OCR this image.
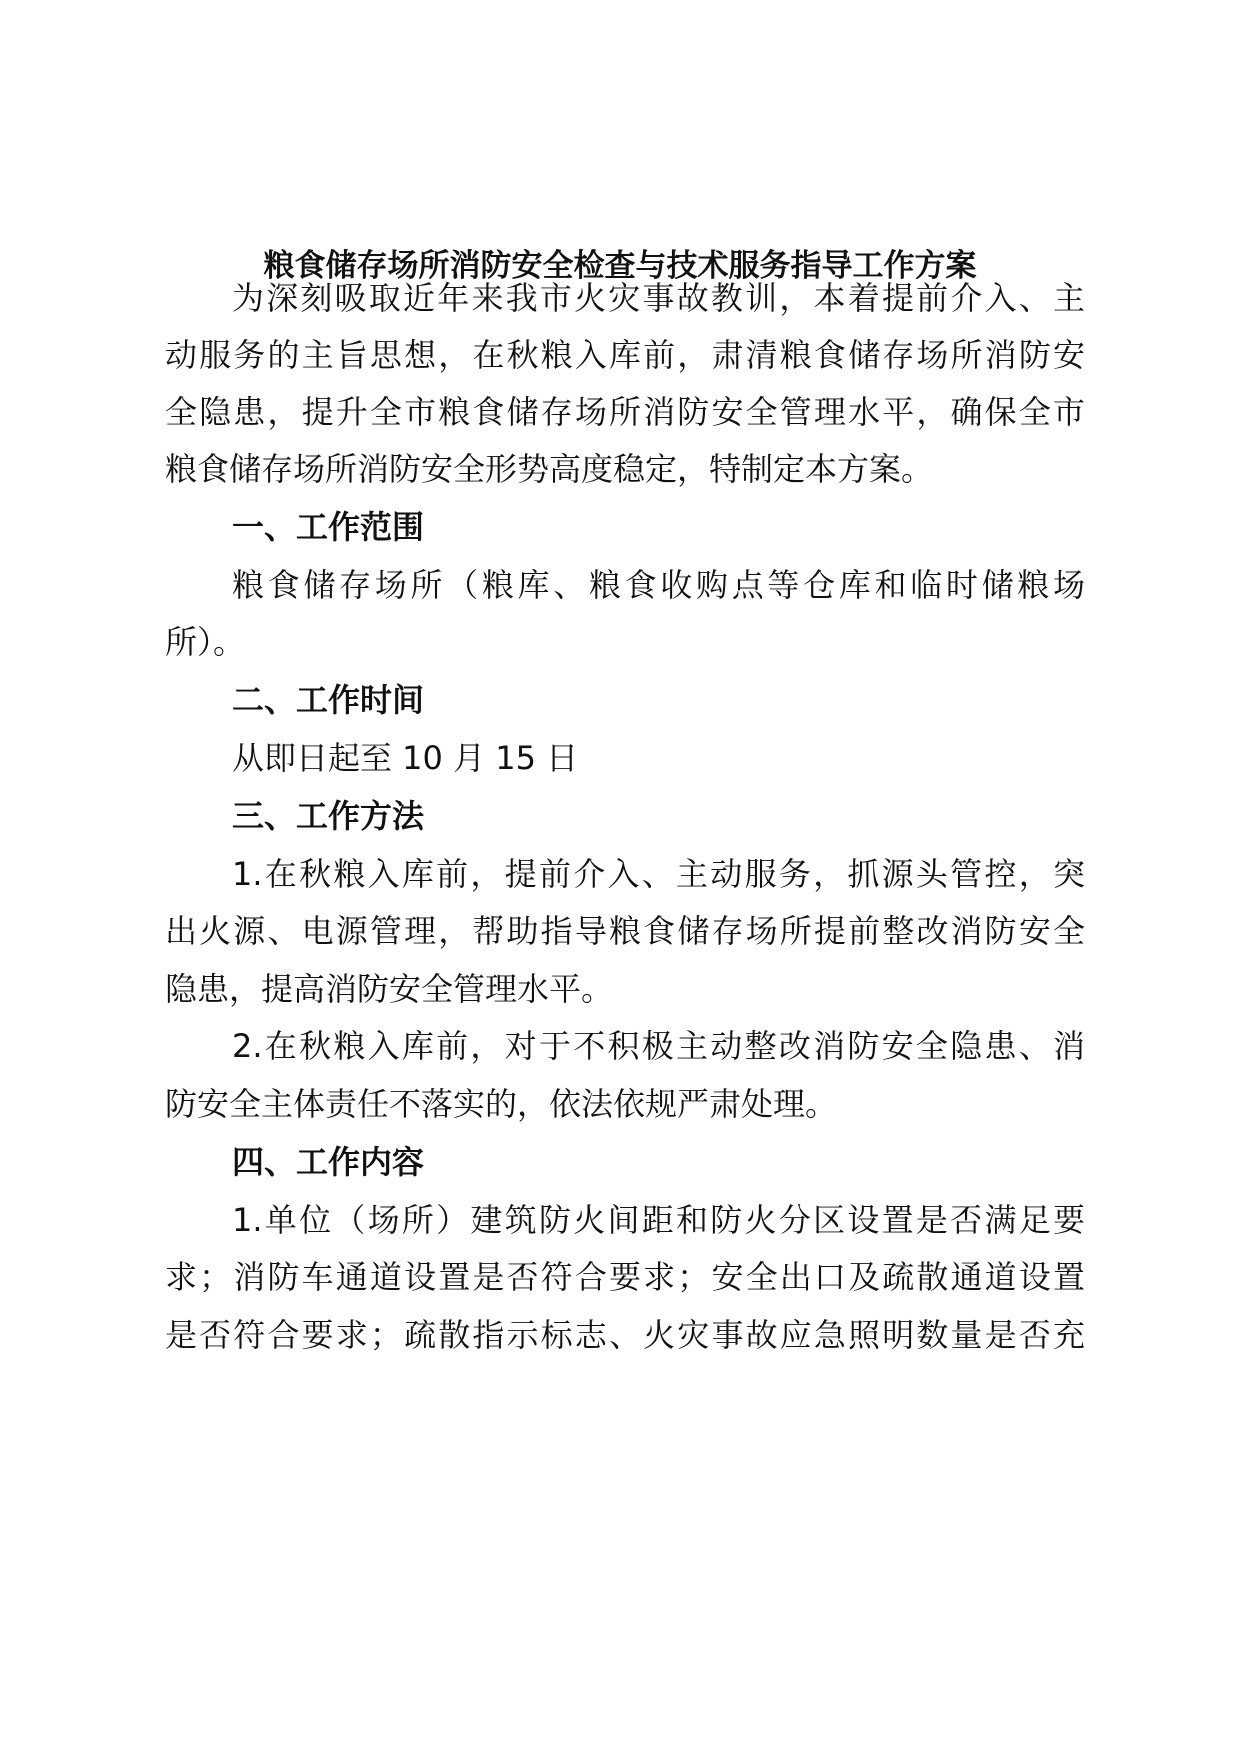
粮食储存场所消防安全检查与技术服务指导工作方案

为深刻吸取近年来我市火灾事故教训，本着提前介入、主

动服务的主旨思想，在秋粮入库前，肃清粮食储存场所消防安

全隐患，提升全市粮食储存场所消防安全管理水平，确保全市

粮食储存场所消防安全形势高度稳定，特制定本方案。

一、工作范围

粮食储存场所（粮库、粮食收购点等仓库和临时储粮场

所）。

二、工作时间

从即日起至 10 月 15 日

三、工作方法

1.在秋粮入库前，提前介入、主动服务，抓源头管控，突

出火源、电源管理，帮助指导粮食储存场所提前整改消防安全

隐患，提高消防安全管理水平。

2.在秋粮入库前，对于不积极主动整改消防安全隐患、消

防安全主体责任不落实的，依法依规严肃处理。

四、工作内容

1.单位（场所）建筑防火间距和防火分区设置是否满足要

求；消防车通道设置是否符合要求；安全出口及疏散通道设置

是否符合要求；疏散指示标志、火灾事故应急照明数量是否充
